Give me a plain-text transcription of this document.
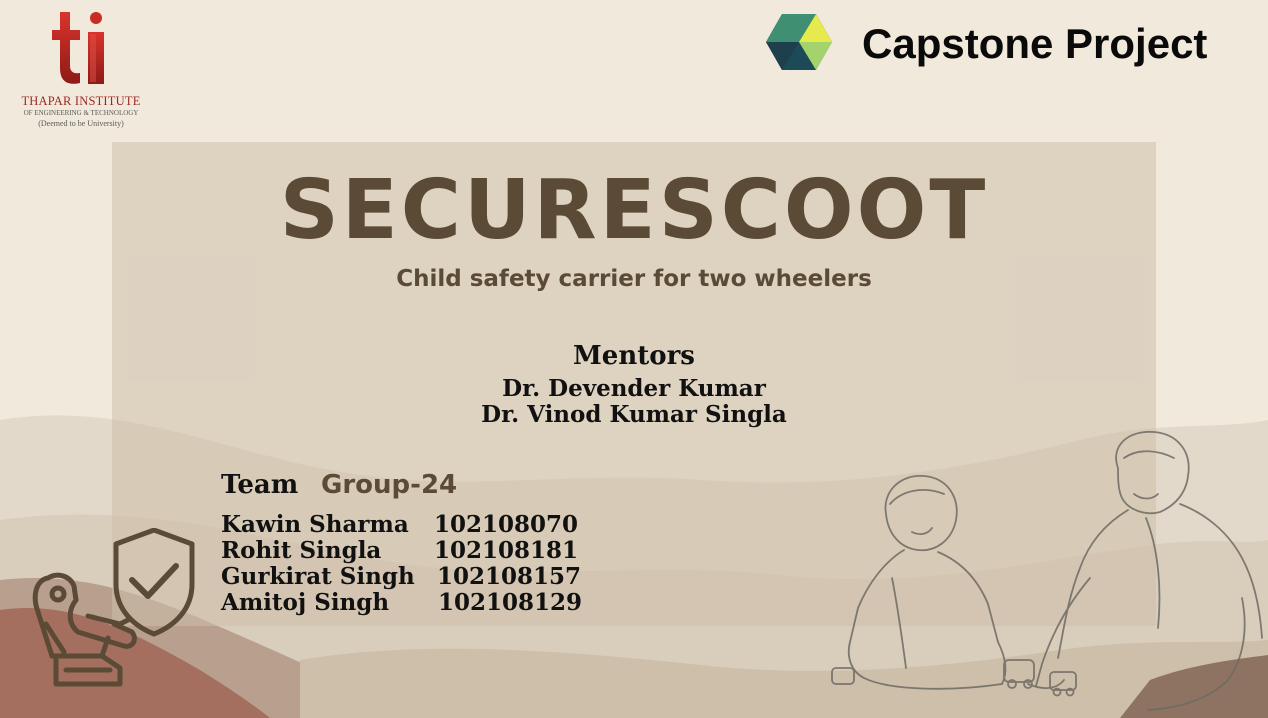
THAPAR INSTITUTE
OF ENGINEERING & TECHNOLOGY
(Deemed to be University)
Capstone Project
SECURESCOOT
Child safety carrier for two wheelers
Mentors
Dr. Devender Kumar
Dr. Vinod Kumar Singla
Team Group-24
Kawin Sharma 102108070
Rohit Singla 102108181
Gurkirat Singh 102108157
Amitoj Singh 102108129
